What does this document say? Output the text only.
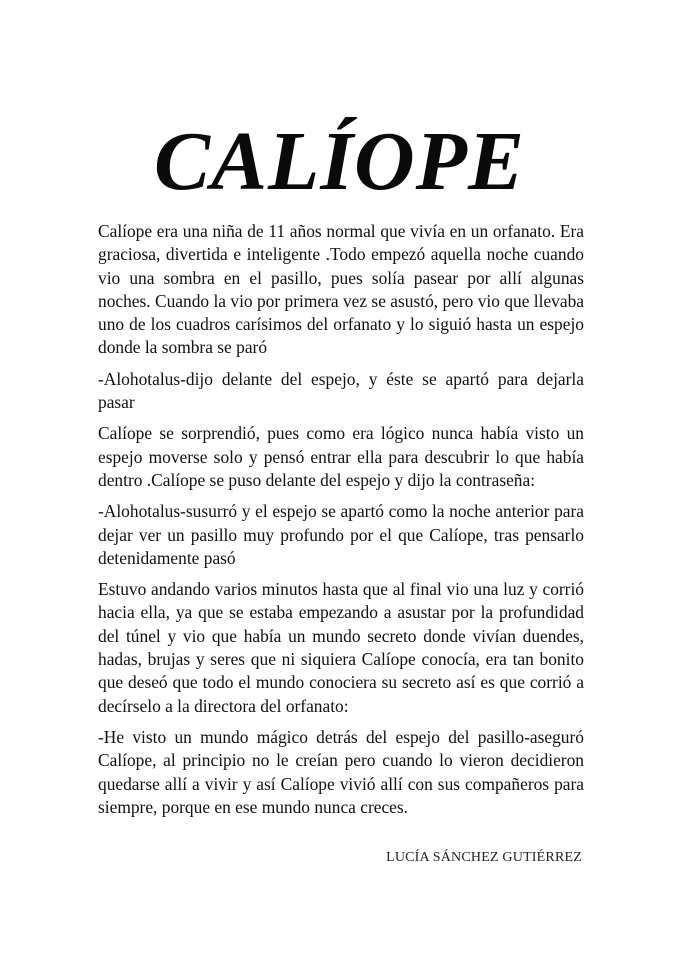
CALÍOPE

Calíope era una niña de 11 años normal que vivía en un orfanato. Era graciosa, divertida e inteligente .Todo empezó aquella noche cuando vio una sombra en el pasillo, pues solía pasear por allí algunas noches. Cuando la vio por primera vez se asustó, pero vio que llevaba uno de los cuadros carísimos del orfanato y lo siguió hasta un espejo donde la sombra se paró

-Alohotalus-dijo delante del espejo, y éste se apartó para dejarla pasar

Calíope se sorprendió, pues como era lógico nunca había visto un espejo moverse solo y pensó entrar ella para descubrir lo que había dentro .Calíope se puso delante del espejo y dijo la contraseña:

-Alohotalus-susurró y el espejo se apartó como la noche anterior para dejar ver un pasillo muy profundo por el que Calíope, tras pensarlo detenidamente pasó

Estuvo andando varios minutos hasta que al final vio una luz y corrió hacia ella, ya que se estaba empezando a asustar por la profundidad del túnel y vio que había un mundo secreto donde vivían duendes, hadas, brujas y seres que ni siquiera Calíope conocía, era tan bonito que deseó que todo el mundo conociera su secreto así es que corrió a decírselo a la directora del orfanato:

-He visto un mundo mágico detrás del espejo del pasillo-aseguró Calíope, al principio no le creían pero cuando lo vieron decidieron quedarse allí a vivir y así Calíope vivió allí con sus compañeros para siempre, porque en ese mundo nunca creces.

LUCÍA SÁNCHEZ GUTIÉRREZ
